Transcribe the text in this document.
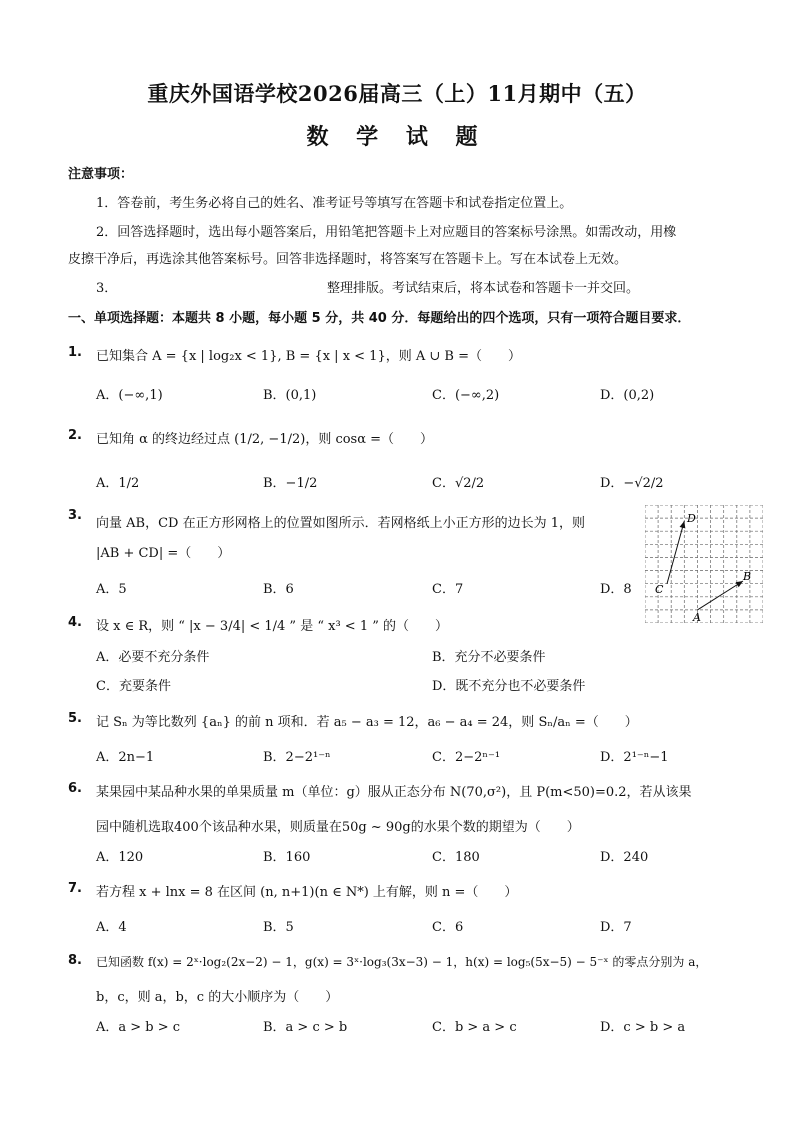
重庆外国语学校2026届高三（上）11月期中（五）
数 学 试 题
注意事项：
1．答卷前，考生务必将自己的姓名、准考证号等填写在答题卡和试卷指定位置上。
2．回答选择题时，选出每小题答案后，用铅笔把答题卡上对应题目的答案标号涂黑。如需改动，用橡
皮擦干净后，再选涂其他答案标号。回答非选择题时，将答案写在答题卡上。写在本试卷上无效。
3．	整理排版。考试结束后，将本试卷和答题卡一并交回。
一、单项选择题：本题共 8 小题，每小题 5 分，共 40 分．每题给出的四个选项，只有一项符合题目要求．
1. 已知集合 A = {x | log₂x < 1}, B = {x | x < 1}，则 A ∪ B =（　　）
A．(−∞,1)	B．(0,1)	C．(−∞,2)	D．(0,2)
2. 已知角 α 的终边经过点 (1/2, −1/2)，则 cosα =（　　）
A．1/2	B．−1/2	C．√2/2	D．−√2/2
3.
向量 AB，CD 在正方形网格上的位置如图所示．若网格纸上小正方形的边长为 1，则
|AB + CD| =（　　）
A．5	B．6	C．7	D．8
D
B
C
A
4. 设 x ∈ R，则 “ |x − 3/4| < 1/4 ” 是 “ x³ < 1 ” 的（　　）
A．必要不充分条件	B．充分不必要条件
C．充要条件	D．既不充分也不必要条件
5. 记 Sₙ 为等比数列 {aₙ} 的前 n 项和．若 a₅ − a₃ = 12，a₆ − a₄ = 24，则 Sₙ/aₙ =（　　）
A．2n−1	B．2−2¹⁻ⁿ	C．2−2ⁿ⁻¹	D．2¹⁻ⁿ−1
6. 某果园中某品种水果的单果质量 m（单位：g）服从正态分布 N(70,σ²)，且 P(m<50)=0.2，若从该果
园中随机选取400个该品种水果，则质量在50g ~ 90g的水果个数的期望为（　　）
A．120	B．160	C．180	D．240
7. 若方程 x + lnx = 8 在区间 (n, n+1)(n ∈ N*) 上有解，则 n =（　　）
A．4	B．5	C．6	D．7
8. 已知函数 f(x) = 2ˣ·log₂(2x−2) − 1，g(x) = 3ˣ·log₃(3x−3) − 1，h(x) = log₅(5x−5) − 5⁻ˣ 的零点分别为 a，
b，c，则 a，b，c 的大小顺序为（　　）
A．a > b > c	B．a > c > b	C．b > a > c	D．c > b > a
